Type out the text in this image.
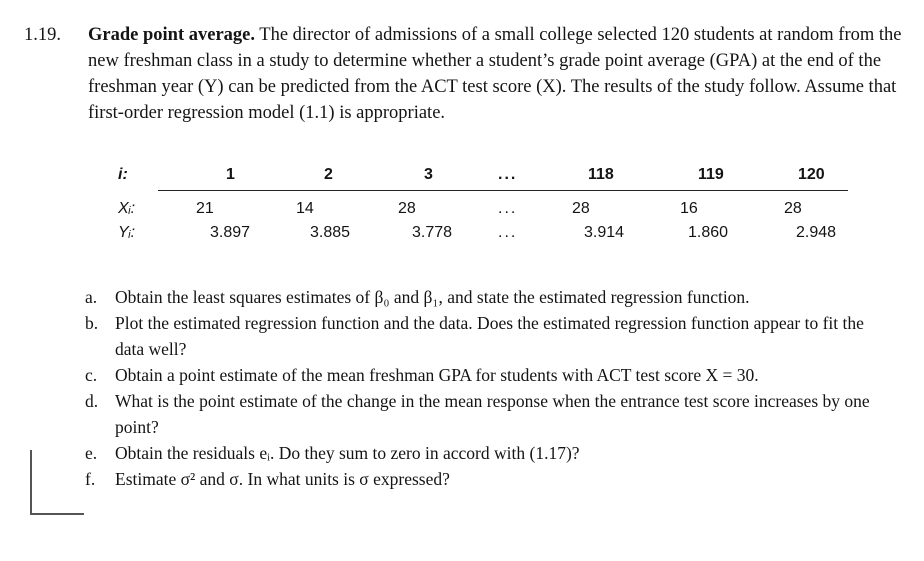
1.19.	Grade point average. The director of admissions of a small college selected 120 students at random from the new freshman class in a study to determine whether a student’s grade point average (GPA) at the end of the freshman year (Y) can be predicted from the ACT test score (X). The results of the study follow. Assume that first-order regression model (1.1) is appropriate.
i:	1	2	3	...	118	119	120
Xᵢ:	21	14	28	...	28	16	28
Yᵢ:	3.897	3.885	3.778	...	3.914	1.860	2.948
a.	Obtain the least squares estimates of β₀ and β₁, and state the estimated regression function.
b. Plot the estimated regression function and the data. Does the estimated regression function appear to fit the data well?
c.	Obtain a point estimate of the mean freshman GPA for students with ACT test score X = 30.
d. What is the point estimate of the change in the mean response when the entrance test score increases by one point?
e.	Obtain the residuals eᵢ. Do they sum to zero in accord with (1.17)?
f.	Estimate σ² and σ. In what units is σ expressed?
